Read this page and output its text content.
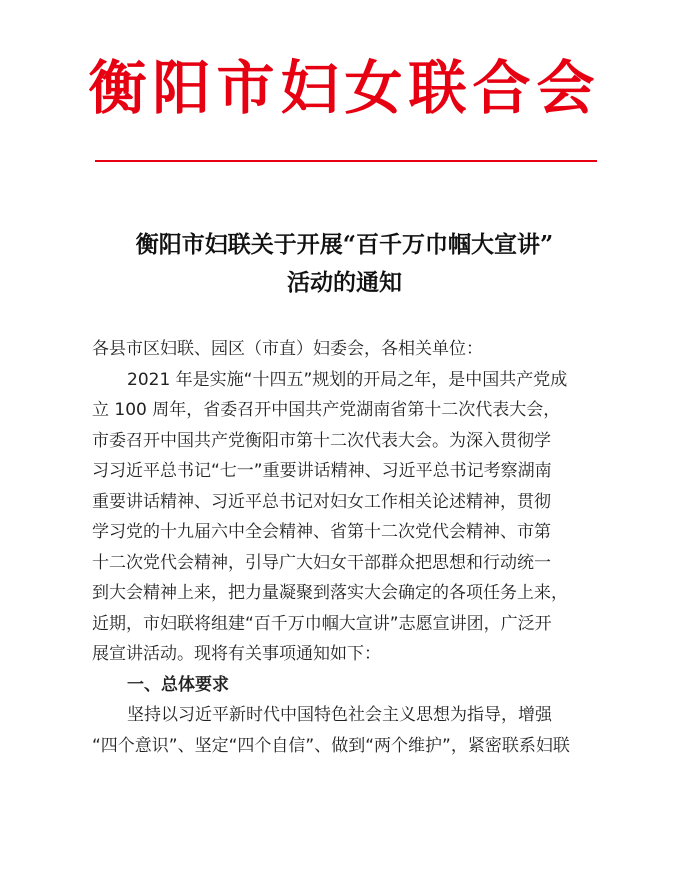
衡阳市妇女联合会
衡阳市妇联关于开展“百千万巾帼大宣讲”
活动的通知
各县市区妇联、园区（市直）妇委会，各相关单位：
2021 年是实施“十四五”规划的开局之年，是中国共产党成
立 100 周年，省委召开中国共产党湖南省第十二次代表大会，
市委召开中国共产党衡阳市第十二次代表大会。为深入贯彻学
习习近平总书记“七一”重要讲话精神、习近平总书记考察湖南
重要讲话精神、习近平总书记对妇女工作相关论述精神，贯彻
学习党的十九届六中全会精神、省第十二次党代会精神、市第
十二次党代会精神，引导广大妇女干部群众把思想和行动统一
到大会精神上来，把力量凝聚到落实大会确定的各项任务上来，
近期，市妇联将组建“百千万巾帼大宣讲”志愿宣讲团，广泛开
展宣讲活动。现将有关事项通知如下：
一、总体要求
坚持以习近平新时代中国特色社会主义思想为指导，增强
“四个意识”、坚定“四个自信”、做到“两个维护”，紧密联系妇联
